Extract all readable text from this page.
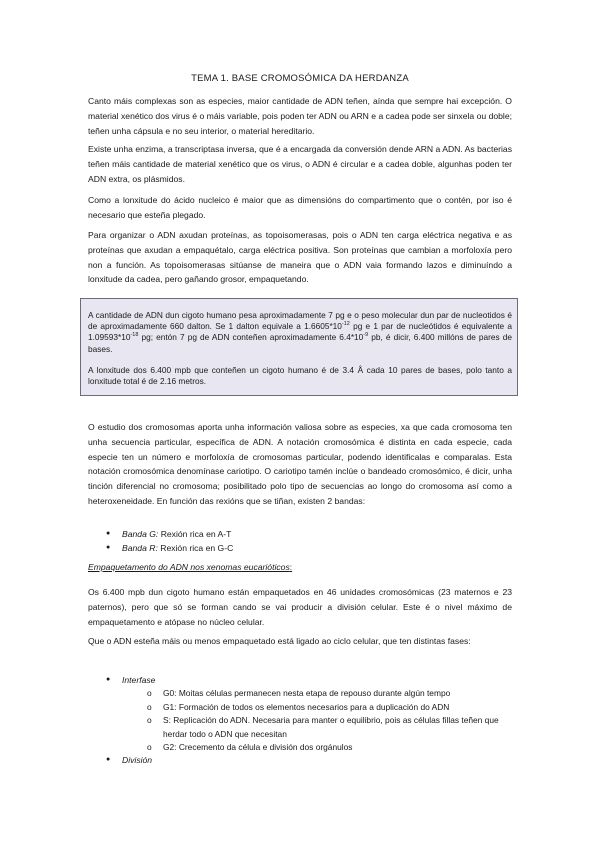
TEMA 1. BASE CROMOSÓMICA DA HERDANZA
Canto máis complexas son as especies, maior cantidade de ADN teñen, aínda que sempre hai excepción. O material xenético dos virus é o máis variable, pois poden ter ADN ou ARN e a cadea pode ser sinxela ou doble; teñen unha cápsula e no seu interior, o material hereditario.
Existe unha enzima, a transcriptasa inversa, que é a encargada da conversión dende ARN a ADN. As bacterias teñen máis cantidade de material xenético que os virus, o ADN é circular e a cadea doble, algunhas poden ter ADN extra, os plásmidos.
Como a lonxitude do ácido nucleico é maior que as dimensións do compartimento que o contén, por iso é necesario que esteña plegado.
Para organizar o ADN axudan proteínas, as topoisomerasas, pois o ADN ten carga eléctrica negativa e as proteínas que axudan a empaquétalo, carga eléctrica positiva. Son proteínas que cambian a morfoloxía pero non a función. As topoisomerasas sitúanse de maneira que o ADN vaia formando lazos e diminuíndo a lonxitude da cadea, pero gañando grosor, empaquetando.
A cantidade de ADN dun cigoto humano pesa aproximadamente 7 pg e o peso molecular dun par de nucleotidos é de aproximadamente 660 dalton. Se 1 dalton equivale a $1.6605*10^{-12}$ pg e 1 par de nucleótidos é equivalente a $1.09593*10^{-18}$ pg; entón 7 pg de ADN conteñen aproximadamente $6.4*10^{-9}$ pb, é dicir, 6.400 millóns de pares de bases.
A lonxitude dos 6.400 mpb que conteñen un cigoto humano é de 3.4 Å cada 10 pares de bases, polo tanto a lonxitude total é de 2.16 metros.
O estudio dos cromosomas aporta unha información valiosa sobre as especies, xa que cada cromosoma ten unha secuencia particular, específica de ADN. A notación cromosómica é distinta en cada especie, cada especie ten un número e morfoloxía de cromosomas particular, podendo identificalas e comparalas. Esta notación cromosómica denomínase cariotipo. O cariotipo tamén inclúe o bandeado cromosómico, é dicir, unha tinción diferencial no cromosoma; posibilitado polo tipo de secuencias ao longo do cromosoma así como a heteroxeneidade. En función das rexións que se tiñan, existen 2 bandas:
● Banda G: Rexión rica en A-T
● Banda R: Rexión rica en G-C
Empaquetamento do ADN nos xenomas eucarióticos:
Os 6.400 mpb dun cigoto humano están empaquetados en 46 unidades cromosómicas (23 maternos e 23 paternos), pero que só se forman cando se vai producir a división celular. Este é o nivel máximo de empaquetamento e atópase no núcleo celular.
Que o ADN esteña máis ou menos empaquetado está ligado ao ciclo celular, que ten distintas fases:
● Interfase
o G0: Moitas células permanecen nesta etapa de repouso durante algún tempo
o G1: Formación de todos os elementos necesarios para a duplicación do ADN
o S: Replicación do ADN. Necesaria para manter o equilibrio, pois as células fillas teñen que herdar todo o ADN que necesitan
o G2: Crecemento da célula e división dos orgánulos
● División
